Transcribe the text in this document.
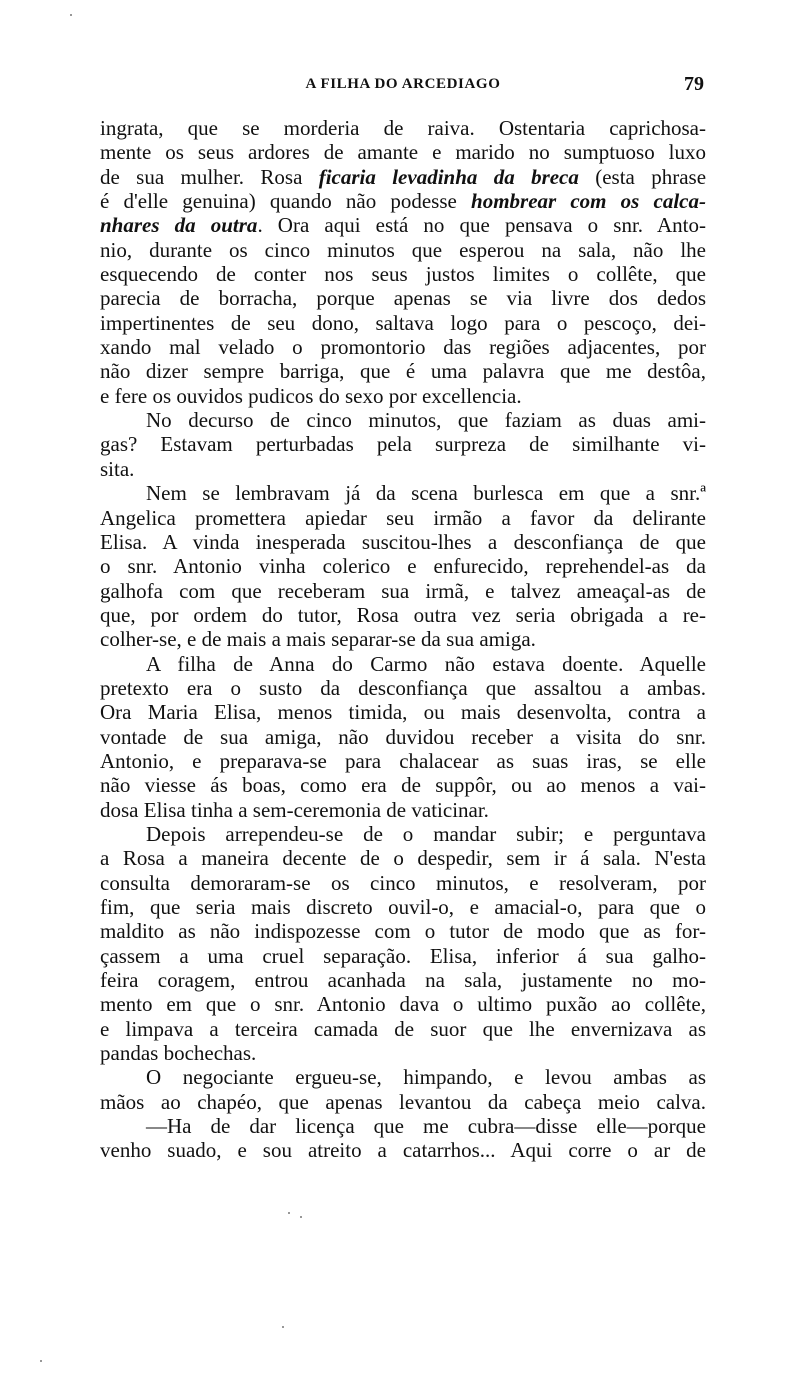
A FILHA DO ARCEDIAGO	79
ingrata, que se morderia de raiva. Ostentaria caprichosa-
mente os seus ardores de amante e marido no sumptuoso luxo
de sua mulher. Rosa ficaria levadinha da breca (esta phrase
é d'elle genuina) quando não podesse hombrear com os calca-
nhares da outra. Ora aqui está no que pensava o snr. Anto-
nio, durante os cinco minutos que esperou na sala, não lhe
esquecendo de conter nos seus justos limites o collête, que
parecia de borracha, porque apenas se via livre dos dedos
impertinentes de seu dono, saltava logo para o pescoço, dei-
xando mal velado o promontorio das regiões adjacentes, por
não dizer sempre barriga, que é uma palavra que me destôa,
e fere os ouvidos pudicos do sexo por excellencia.
No decurso de cinco minutos, que faziam as duas ami-
gas? Estavam perturbadas pela surpreza de similhante vi-
sita.
Nem se lembravam já da scena burlesca em que a snr.ª
Angelica promettera apiedar seu irmão a favor da delirante
Elisa. A vinda inesperada suscitou-lhes a desconfiança de que
o snr. Antonio vinha colerico e enfurecido, reprehendel-as da
galhofa com que receberam sua irmã, e talvez ameaçal-as de
que, por ordem do tutor, Rosa outra vez seria obrigada a re-
colher-se, e de mais a mais separar-se da sua amiga.
A filha de Anna do Carmo não estava doente. Aquelle
pretexto era o susto da desconfiança que assaltou a ambas.
Ora Maria Elisa, menos timida, ou mais desenvolta, contra a
vontade de sua amiga, não duvidou receber a visita do snr.
Antonio, e preparava-se para chalacear as suas iras, se elle
não viesse ás boas, como era de suppôr, ou ao menos a vai-
dosa Elisa tinha a sem-ceremonia de vaticinar.
Depois arrependeu-se de o mandar subir; e perguntava
a Rosa a maneira decente de o despedir, sem ir á sala. N'esta
consulta demoraram-se os cinco minutos, e resolveram, por
fim, que seria mais discreto ouvil-o, e amacial-o, para que o
maldito as não indispozesse com o tutor de modo que as for-
çassem a uma cruel separação. Elisa, inferior á sua galho-
feira coragem, entrou acanhada na sala, justamente no mo-
mento em que o snr. Antonio dava o ultimo puxão ao collête,
e limpava a terceira camada de suor que lhe envernizava as
pandas bochechas.
O negociante ergueu-se, himpando, e levou ambas as
mãos ao chapéo, que apenas levantou da cabeça meio calva.
—Ha de dar licença que me cubra—disse elle—porque
venho suado, e sou atreito a catarrhos... Aqui corre o ar de
